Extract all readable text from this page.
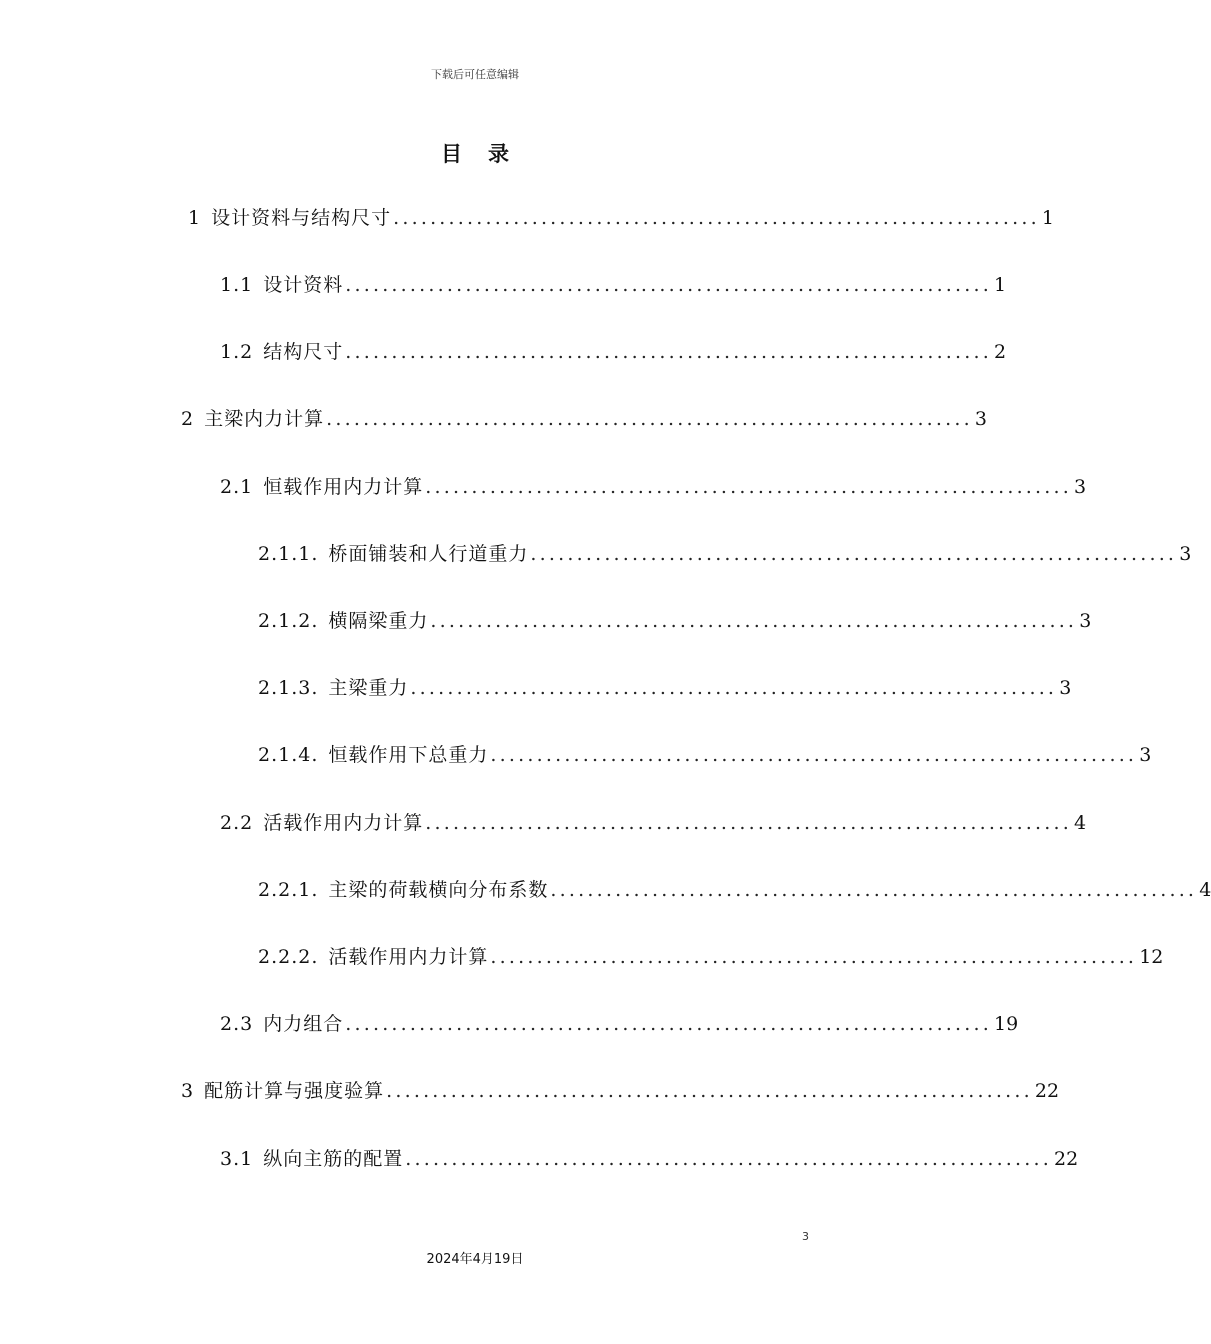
下载后可任意编辑
目录
1 设计资料与结构尺寸 ...................................................................... 1
1.1 设计资料 ...................................................................... 1
1.2 结构尺寸 ...................................................................... 2
2 主梁内力计算 ...................................................................... 3
2.1 恒载作用内力计算 ...................................................................... 3
2.1.1. 桥面铺装和人行道重力 ...................................................................... 3
2.1.2. 横隔梁重力 ...................................................................... 3
2.1.3. 主梁重力 ...................................................................... 3
2.1.4. 恒载作用下总重力 ...................................................................... 3
2.2 活载作用内力计算 ...................................................................... 4
2.2.1. 主梁的荷载横向分布系数 ...................................................................... 4
2.2.2. 活载作用内力计算 ...................................................................... 12
2.3 内力组合 ...................................................................... 19
3 配筋计算与强度验算 ...................................................................... 22
3.1 纵向主筋的配置 ...................................................................... 22
3
2024年4月19日
